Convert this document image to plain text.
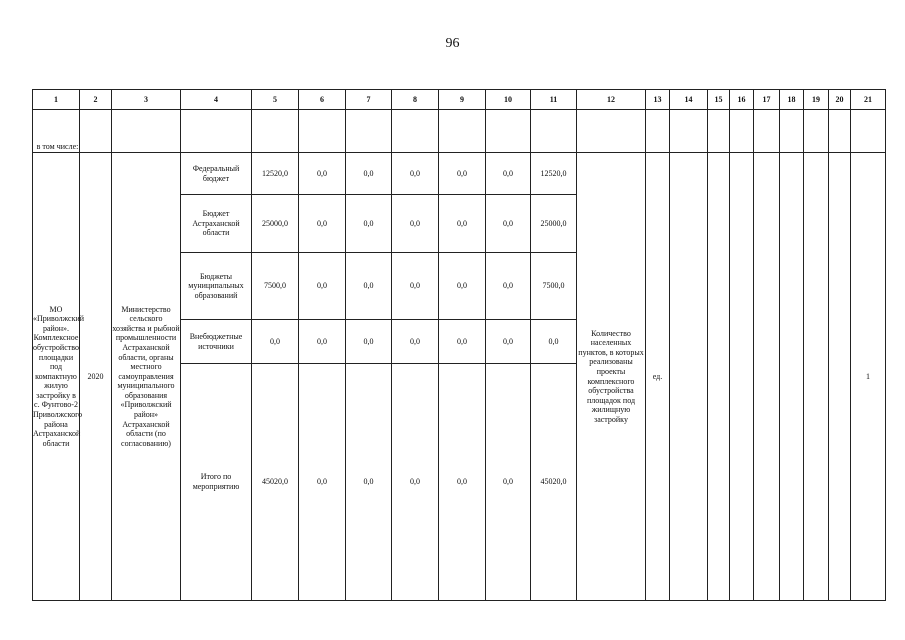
96
1	2	3	4	5	6	7	8	9	10	11	12	13	14	15	16	17	18	19	20	21
в том числе:																				
МО «Приволжский район». Комплексное обустройство площадки под компактную жилую застройку в с. Фунтово-2 Приволжского района Астраханской области	2020	Министерство сельского хозяйства и рыбной промышленности Астраханской области, органы местного самоуправления муниципального образования «Приволжский район» Астраханской области (по согласованию)	Федеральный бюджет	12520,0	0,0	0,0	0,0	0,0	0,0	12520,0	Количество населенных пунктов, в которых реализованы проекты комплексного обустройства площадок под жилищную застройку	ед.								1
			Бюджет Астраханской области	25000,0	0,0	0,0	0,0	0,0	0,0	25000,0										
			Бюджеты муниципальных образований	7500,0	0,0	0,0	0,0	0,0	0,0	7500,0										
			Внебюджетные источники	0,0	0,0	0,0	0,0	0,0	0,0	0,0										
			Итого по мероприятию	45020,0	0,0	0,0	0,0	0,0	0,0	45020,0										
